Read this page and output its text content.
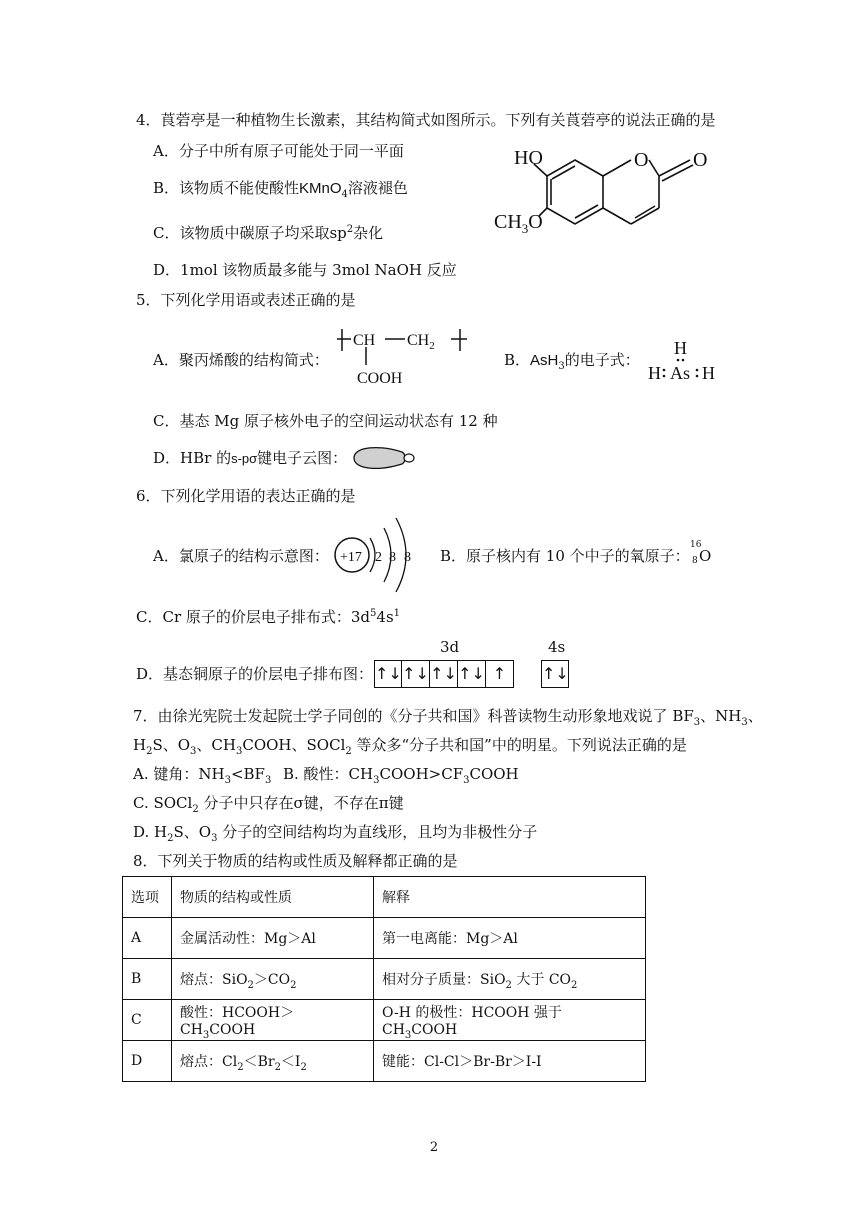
4．莨菪亭是一种植物生长激素，其结构简式如图所示。下列有关莨菪亭的说法正确的是
A．分子中所有原子可能处于同一平面
B．该物质不能使酸性KMnO$_4$溶液褪色
C．该物质中碳原子均采取$sp^2$杂化
D．1mol 该物质最多能与 3mol NaOH 反应
HO	O O
$CH_3O$
5．下列化学用语或表述正确的是
A．聚丙烯酸的结构简式：
CH $CH_2$
COOH
B．AsH$_3$的电子式：
H
H As H
C．基态 Mg 原子核外电子的空间运动状态有 12 种
D．HBr 的s-pσ键电子云图：
6．下列化学用语的表达正确的是
A．氯原子的结构示意图： +17 2 8 8 B．原子核内有 10 个中子的氧原子：
16
8 O
C．Cr 原子的价层电子排布式：$3d^54s^1$
3d	4s
D．基态铜原子的价层电子排布图： ↑↓ ↑↓ ↑↓ ↑↓ ↑	↑↓
7．由徐光宪院士发起院士学子同创的《分子共和国》科普读物生动形象地戏说了 $BF_3$、$NH_3$、
$H_2S$、$O_3$、$CH_3COOH$、SOCl$_2$ 等众多“分子共和国”中的明星。下列说法正确的是
A. 键角：$NH_3<BF_3$ B. 酸性：$CH_3COOH>CF_3COOH$
C. SOCl$_2$ 分子中只存在σ键，不存在π键
D. $H_2S$、$O_3$ 分子的空间结构均为直线形，且均为非极性分子
8．下列关于物质的结构或性质及解释都正确的是
选项	物质的结构或性质	解释
A	金属活动性：Mg＞Al	第一电离能：Mg＞Al
B	熔点：$SiO_2>CO_2$	相对分子质量：SiO$_2$ 大于 $CO_2$
C	酸性：$HCOOH>CH_3COOH$	O-H 的极性：HCOOH 强于 $CH_3COOH$
D	熔点：$Cl_2<Br_2<I_2$	键能：Cl-Cl＞Br-Br＞I-I
2
